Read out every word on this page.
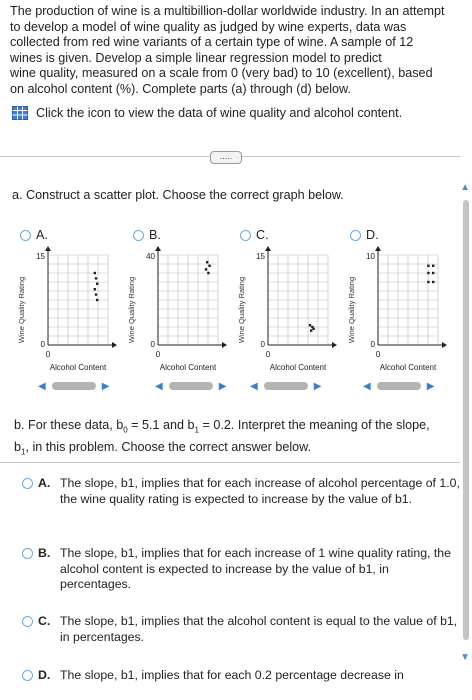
The production of wine is a multibillion-dollar worldwide industry. In an attempt
to develop a model of wine quality as judged by wine experts, data was
collected from red wine variants of a certain type of wine. A sample of 12
wines is given. Develop a simple linear regression model to predict
wine quality, measured on a scale from 0 (very bad) to 10 (excellent), based
on alcohol content (%). Complete parts (a) through (d) below.
Click the icon to view the data of wine quality and alcohol content.
.....
a. Construct a scatter plot. Choose the correct graph below.
▲
▼
A.	B.	C.	D.
Wine Quality Rating
15
0
0
Alcohol Content
Wine Quality Rating
40
0
0
Alcohol Content
Wine Quality Rating
15
0
0
Alcohol Content
Wine Quality Rating
10
0
0
Alcohol Content
◀	▶	◀	▶ ◀	▶	◀	▶
b. For these data, $b_0 = 5.1$ and $b_1 = 0.2$. Interpret the meaning of the slope,
$b_1$, in this problem. Choose the correct answer below.
A. The slope, b1, implies that for each increase of alcohol percentage of 1.0, the wine quality rating is expected to increase by the value of b1.
B. The slope, b1, implies that for each increase of 1 wine quality rating, the alcohol content is expected to increase by the value of b1, in percentages.
C. The slope, b1, implies that the alcohol content is equal to the value of b1, in percentages.
D. The slope, b1, implies that for each 0.2 percentage decrease in
